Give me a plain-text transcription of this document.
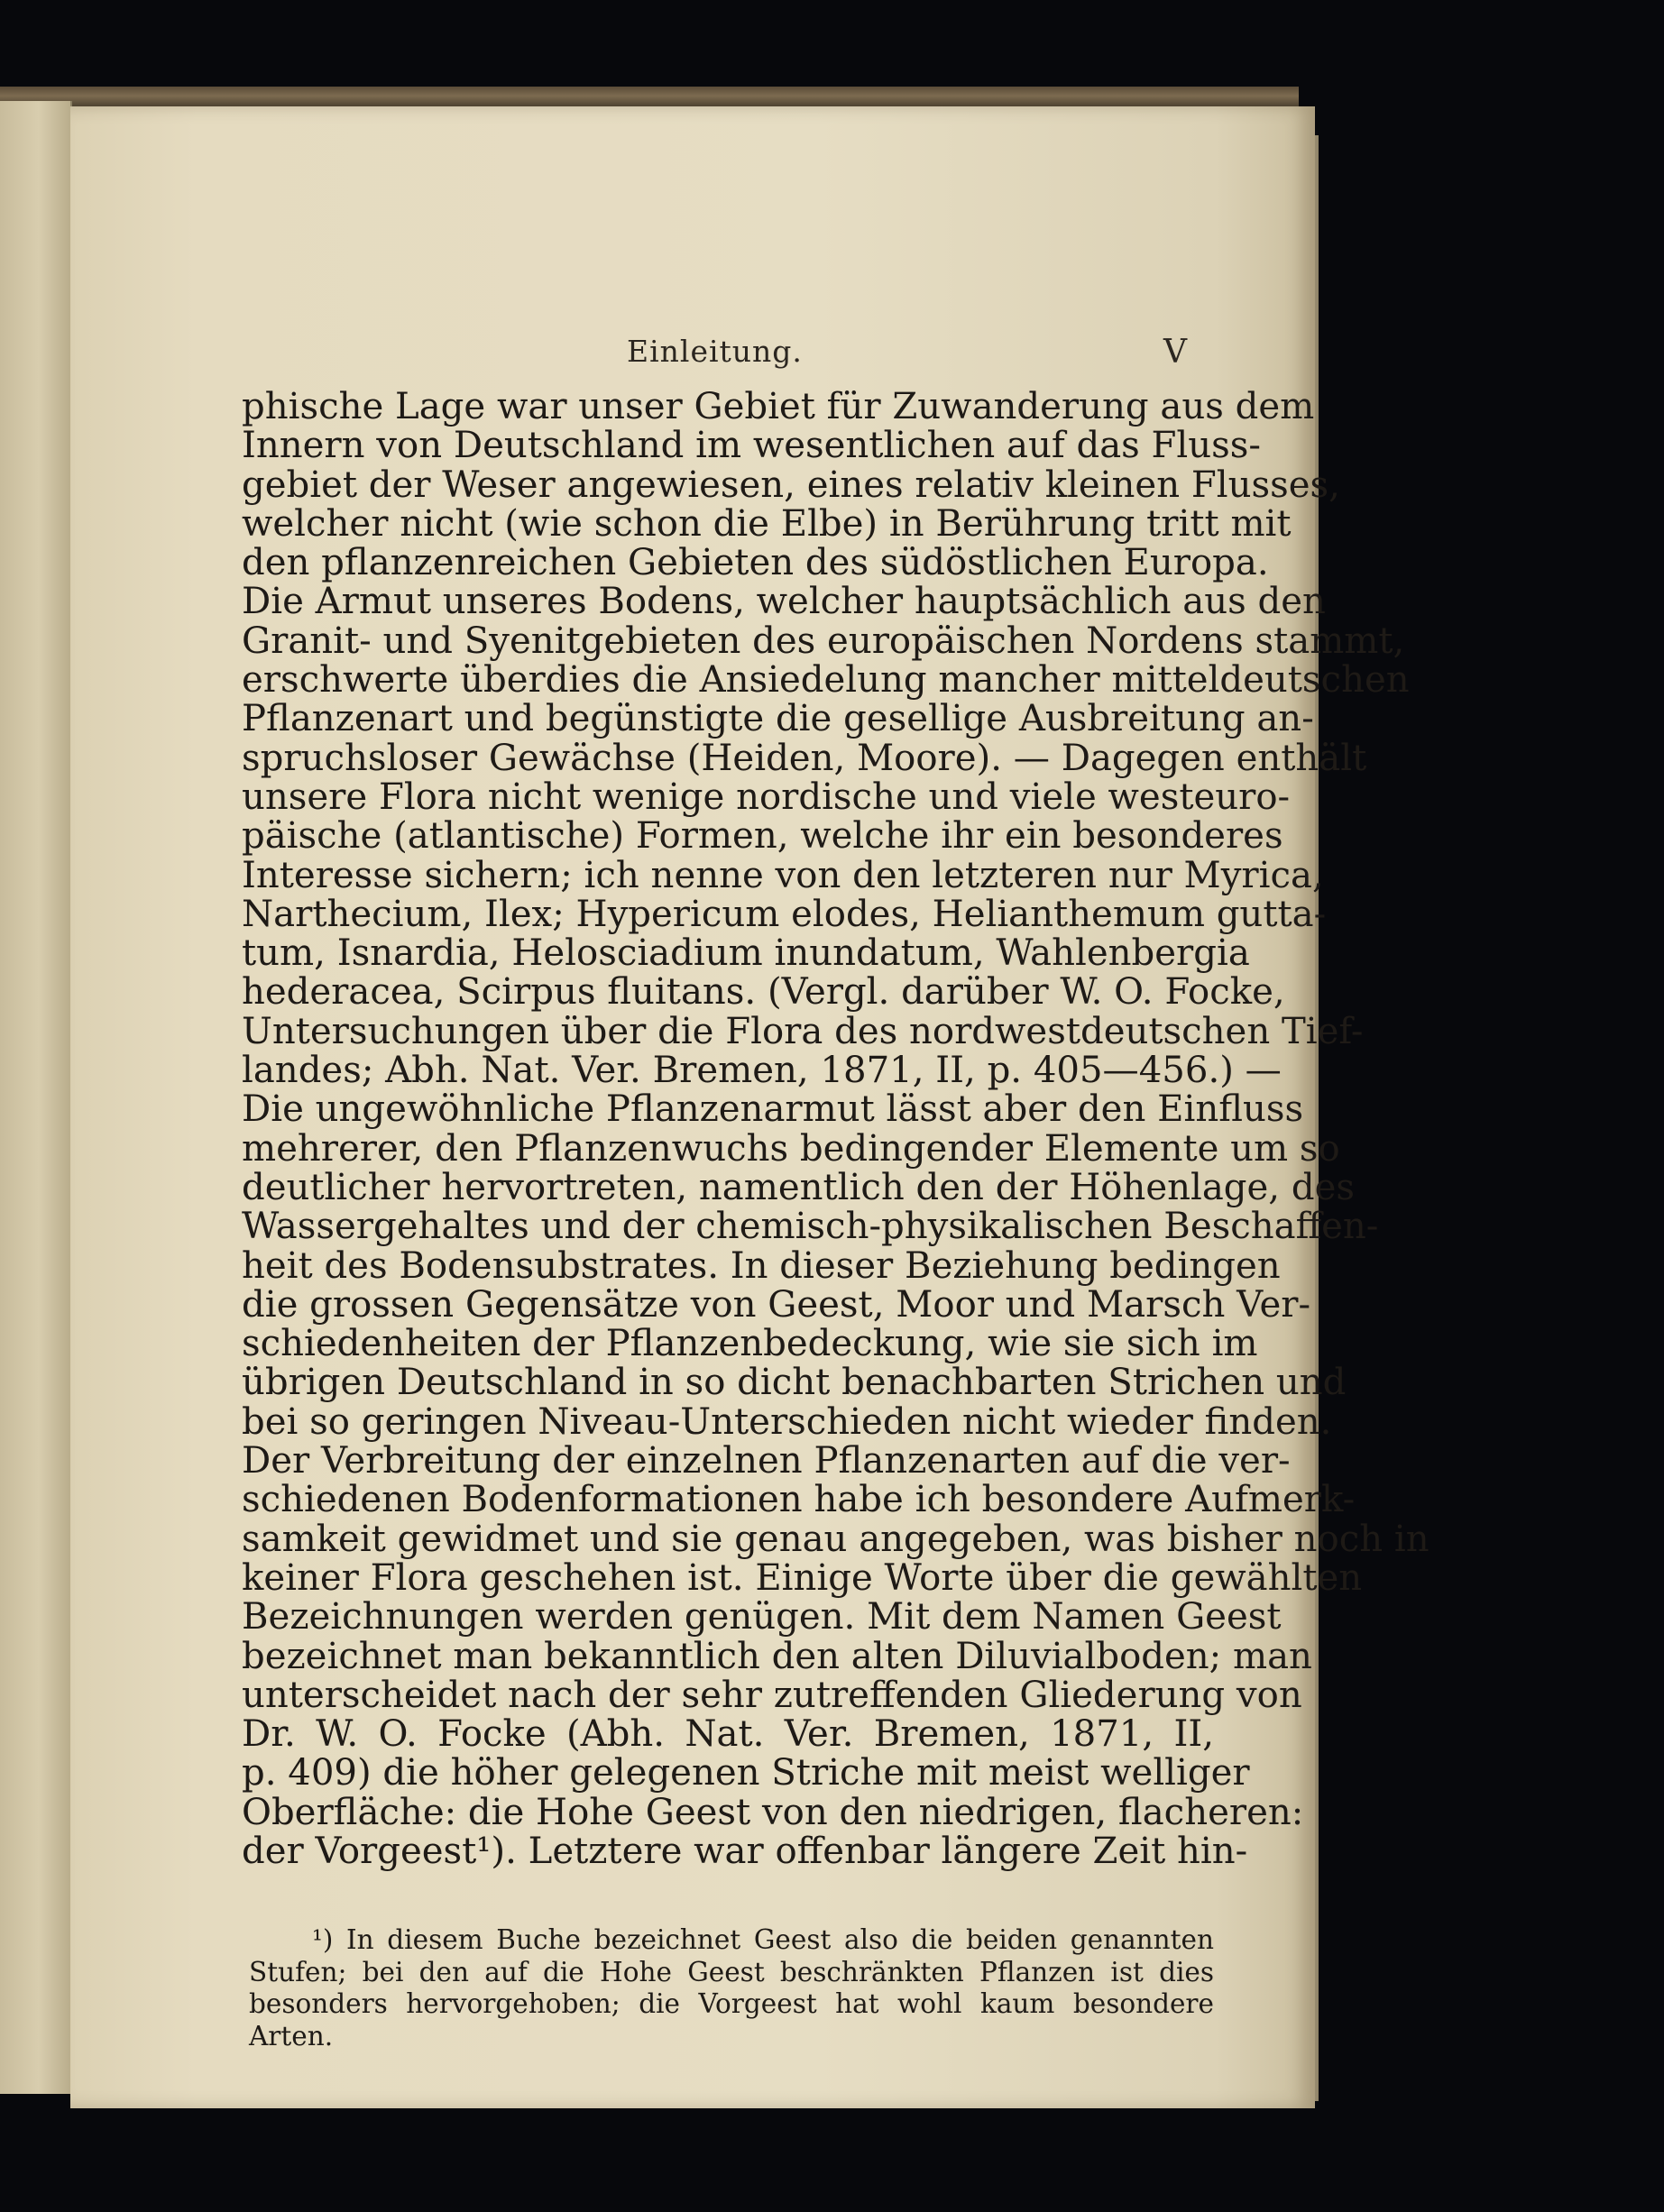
Einleitung.	V
phische Lage war unser Gebiet für Zuwanderung aus dem
Innern von Deutschland im wesentlichen auf das Fluss-
gebiet der Weser angewiesen, eines relativ kleinen Flusses,
welcher nicht (wie schon die Elbe) in Berührung tritt mit
den pflanzenreichen Gebieten des südöstlichen Europa.
Die Armut unseres Bodens, welcher hauptsächlich aus den
Granit- und Syenitgebieten des europäischen Nordens stammt,
erschwerte überdies die Ansiedelung mancher mitteldeutschen
Pflanzenart und begünstigte die gesellige Ausbreitung an-
spruchsloser Gewächse (Heiden, Moore). — Dagegen enthält
unsere Flora nicht wenige nordische und viele westeuro-
päische (atlantische) Formen, welche ihr ein besonderes
Interesse sichern; ich nenne von den letzteren nur Myrica,
Narthecium, Ilex; Hypericum elodes, Helianthemum gutta-
tum, Isnardia, Helosciadium inundatum, Wahlenbergia
hederacea, Scirpus fluitans. (Vergl. darüber W. O. Focke,
Untersuchungen über die Flora des nordwestdeutschen Tief-
landes; Abh. Nat. Ver. Bremen, 1871, II, p. 405—456.) —
Die ungewöhnliche Pflanzenarmut lässt aber den Einfluss
mehrerer, den Pflanzenwuchs bedingender Elemente um so
deutlicher hervortreten, namentlich den der Höhenlage, des
Wassergehaltes und der chemisch-physikalischen Beschaffen-
heit des Bodensubstrates. In dieser Beziehung bedingen
die grossen Gegensätze von Geest, Moor und Marsch Ver-
schiedenheiten der Pflanzenbedeckung, wie sie sich im
übrigen Deutschland in so dicht benachbarten Strichen und
bei so geringen Niveau-Unterschieden nicht wieder finden.
Der Verbreitung der einzelnen Pflanzenarten auf die ver-
schiedenen Bodenformationen habe ich besondere Aufmerk-
samkeit gewidmet und sie genau angegeben, was bisher noch in
keiner Flora geschehen ist. Einige Worte über die gewählten
Bezeichnungen werden genügen. Mit dem Namen Geest
bezeichnet man bekanntlich den alten Diluvialboden; man
unterscheidet nach der sehr zutreffenden Gliederung von
Dr. W. O. Focke (Abh. Nat. Ver. Bremen, 1871, II,
p. 409) die höher gelegenen Striche mit meist welliger
Oberfläche: die Hohe Geest von den niedrigen, flacheren:
der Vorgeest¹). Letztere war offenbar längere Zeit hin-
¹) In diesem Buche bezeichnet Geest also die beiden genannten
Stufen; bei den auf die Hohe Geest beschränkten Pflanzen ist dies
besonders hervorgehoben; die Vorgeest hat wohl kaum besondere
Arten.
